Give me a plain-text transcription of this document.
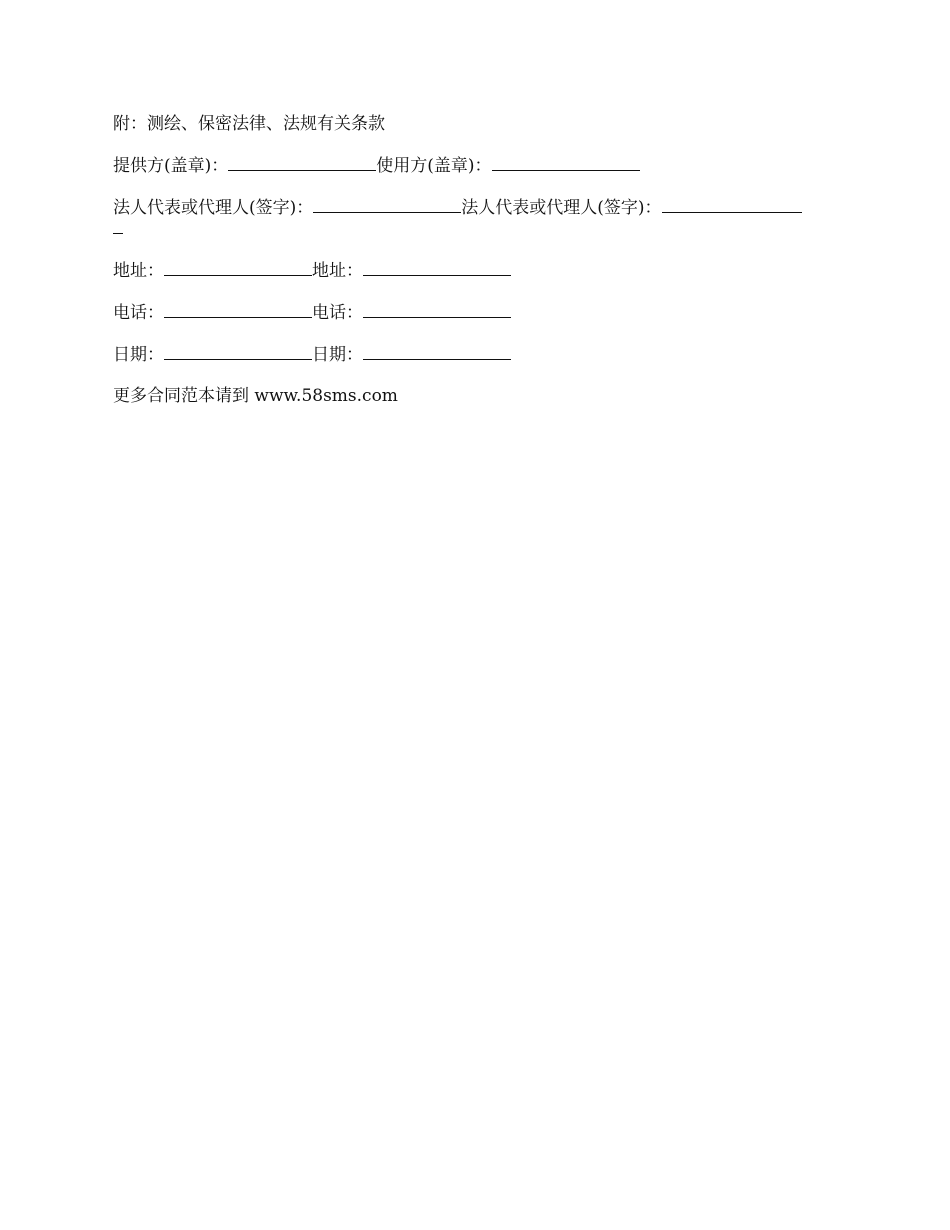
附：测绘、保密法律、法规有关条款

提供方(盖章)：	使用方(盖章)：

法人代表或代理人(签字)：	法人代表或代理人(签字)：

地址：	地址：

电话：	电话：

日期：	日期：

更多合同范本请到 www.58sms.com
